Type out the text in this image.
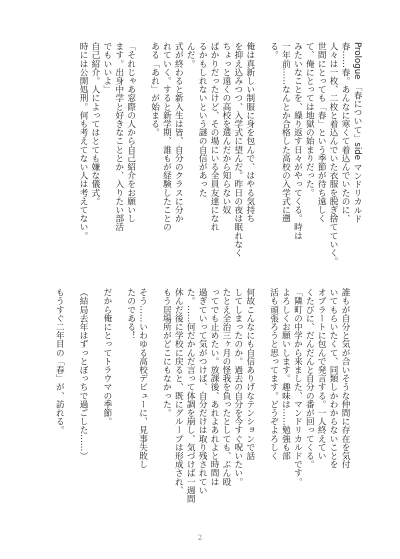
Prologue 「春について」side マンドリカルド
春……春。あんなに寒くて着込んでいたのに、
人々は一枚、二枚と着込んでいた衣服を脱ぎ捨てていく。
世間にとっても「春」という季節が待ち遠しく
て、俺にとっては地獄の始まりだった。
みたいなことを、繰り返す日々がやってくる。時は
一年前……なんとか合格した高校の入学式に遡
る。

俺は真新しい制服に身を包んで、はやる気持ち
を抑え込みつつ、入学式に望んだ。昨日の夜は眠れなく
ちょっと遠くの高校を選んだから知らない奴
ばかりだったけど、その場にいる全員友達になれ
るかもしれないという謎の自信があった
んだ。
式が終わると新入生は皆、自分のクラスに分か
れていく。すると新学期、誰もが経験したことの
ある「あれ」が始まる。

「それじゃあ窓際の人から自己紹介をお願いし
ます。出身中学と好きなこととか、入りたい部活
でもいいよ」
自己紹介。人によってはとても嫌な儀式。
時には公開処刑。何も考えてない人は考えてない。
誰もが自分と気が合いそうな仲間に存在を気付
いてもらいたくて、同類しかわからないことを
オブラートに包んで発言する。一人終えてい
くたびに、だんだんと自分の番が回ってくる。
「隣町の中学から来ました、マンドリカルドです。
よろしくお願いします。趣味は……勉強も部
活も頑張ろうと思ってます。どうぞよろしく

何故こんなにも自信ありげなテンションで話
してしまったのか。過去の自分を今すぐ呪いたい。
たとえ全治三ヶ月の怪我を負ったとしても、ぶん殴
ってでも止めたい。放課後、あれよあれよと時間は
過ぎていって気がつけば、自分だけは取り残されてい
た。……何だかんだ言って体調を崩し、気づけば一週間
休んだ後に学校に戻ると、既にグループは形成され、
もう居場所がどこにもなかった。

そう……いわゆる高校デビューに、見事失敗し
たのである！

だから俺にとってトラウマの季節。

（結局去年はずっとぼっちで過ごした……）

もうすぐ二年目の「春」が、訪れる。
2
